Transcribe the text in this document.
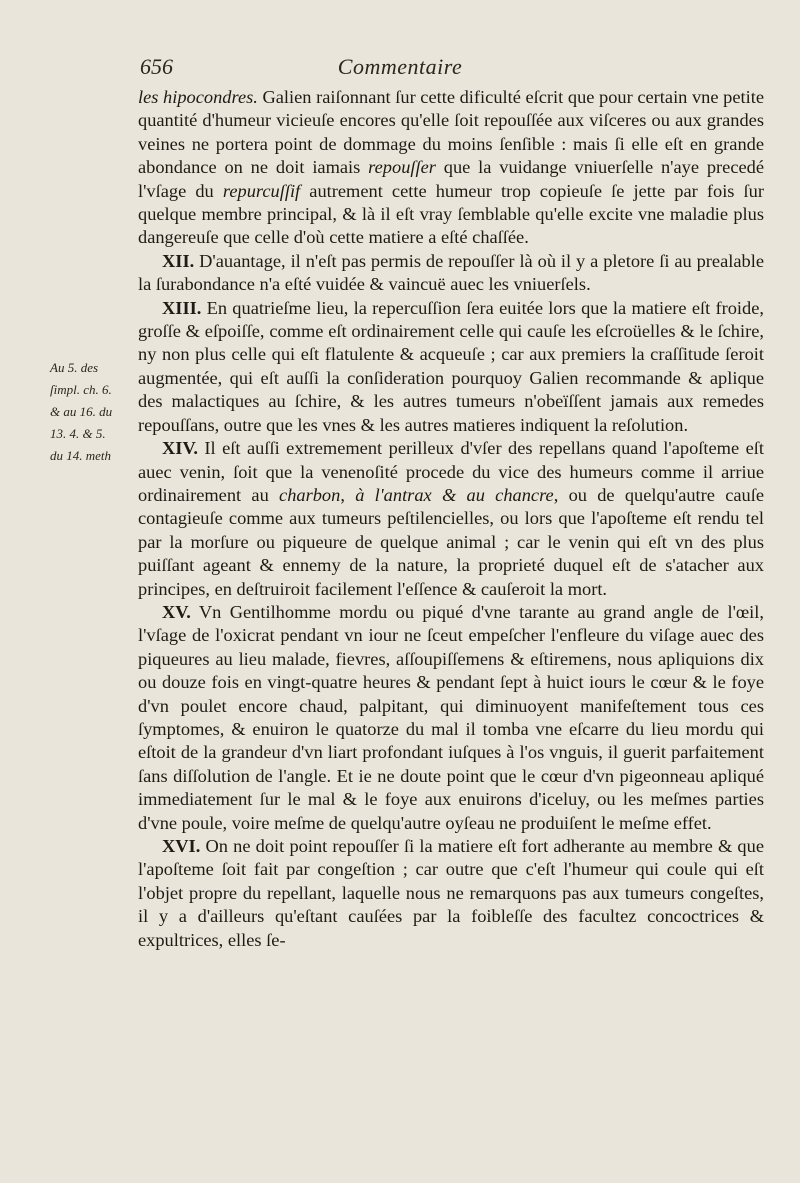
656	Commentaire
Au 5. des
ſimpl. ch. 6.
& au 16. du
13. 4. & 5.
du 14. meth

les hipocondres. Galien raiſonnant ſur cette dificulté eſcrit que pour certain vne petite quantité d'humeur vicieuſe encores qu'elle ſoit repouſſée aux viſceres ou aux grandes veines ne portera point de dommage du moins ſenſible : mais ſi elle eſt en grande abondance on ne doit iamais repouſſer que la vuidange vniuerſelle n'aye precedé l'vſage du repurcuſſif autrement cette humeur trop copieuſe ſe jette par fois ſur quelque membre principal, & là il eſt vray ſemblable qu'elle excite vne maladie plus dangereuſe que celle d'où cette matiere a eſté chaſſée.

XII. D'auantage, il n'eſt pas permis de repouſſer là où il y a pletore ſi au prealable la ſurabondance n'a eſté vuidée & vaincuë auec les vniuerſels.

XIII. En quatrieſme lieu, la repercuſſion ſera euitée lors que la matiere eſt froide, groſſe & eſpoiſſe, comme eſt ordinairement celle qui cauſe les eſcroüelles & le ſchire, ny non plus celle qui eſt flatulente & acqueuſe ; car aux premiers la craſſitude ſeroit augmentée, qui eſt auſſi la conſideration pourquoy Galien recommande & aplique des malactiques au ſchire, & les autres tumeurs n'obeïſſent jamais aux remedes repouſſans, outre que les vnes & les autres matieres indiquent la reſolution.

XIV. Il eſt auſſi extremement perilleux d'vſer des repellans quand l'apoſteme eſt auec venin, ſoit que la venenoſité procede du vice des humeurs comme il arriue ordinairement au charbon, à l'antrax & au chancre, ou de quelqu'autre cauſe contagieuſe comme aux tumeurs peſtilencielles, ou lors que l'apoſteme eſt rendu tel par la morſure ou piqueure de quelque animal ; car le venin qui eſt vn des plus puiſſant ageant & ennemy de la nature, la proprieté duquel eſt de s'atacher aux principes, en deſtruiroit facilement l'eſſence & cauſeroit la mort.

XV. Vn Gentilhomme mordu ou piqué d'vne tarante au grand angle de l'œil, l'vſage de l'oxicrat pendant vn iour ne ſceut empeſcher l'enfleure du viſage auec des piqueures au lieu malade, fievres, aſſoupiſſemens & eſtiremens, nous apliquions dix ou douze fois en vingt-quatre heures & pendant ſept à huict iours le cœur & le foye d'vn poulet encore chaud, palpitant, qui diminuoyent manifeſtement tous ces ſymptomes, & enuiron le quatorze du mal il tomba vne eſcarre du lieu mordu qui eſtoit de la grandeur d'vn liart profondant iuſques à l'os vnguis, il guerit parfaitement ſans diſſolution de l'angle. Et ie ne doute point que le cœur d'vn pigeonneau apliqué immediatement ſur le mal & le foye aux enuirons d'iceluy, ou les meſmes parties d'vne poule, voire meſme de quelqu'autre oyſeau ne produiſent le meſme effet.

XVI. On ne doit point repouſſer ſi la matiere eſt fort adherante au membre & que l'apoſteme ſoit fait par congeſtion ; car outre que c'eſt l'humeur qui coule qui eſt l'objet propre du repellant, laquelle nous ne remarquons pas aux tumeurs congeſtes, il y a d'ailleurs qu'eſtant cauſées par la foibleſſe des facultez concoctrices & expultrices, elles ſe-
